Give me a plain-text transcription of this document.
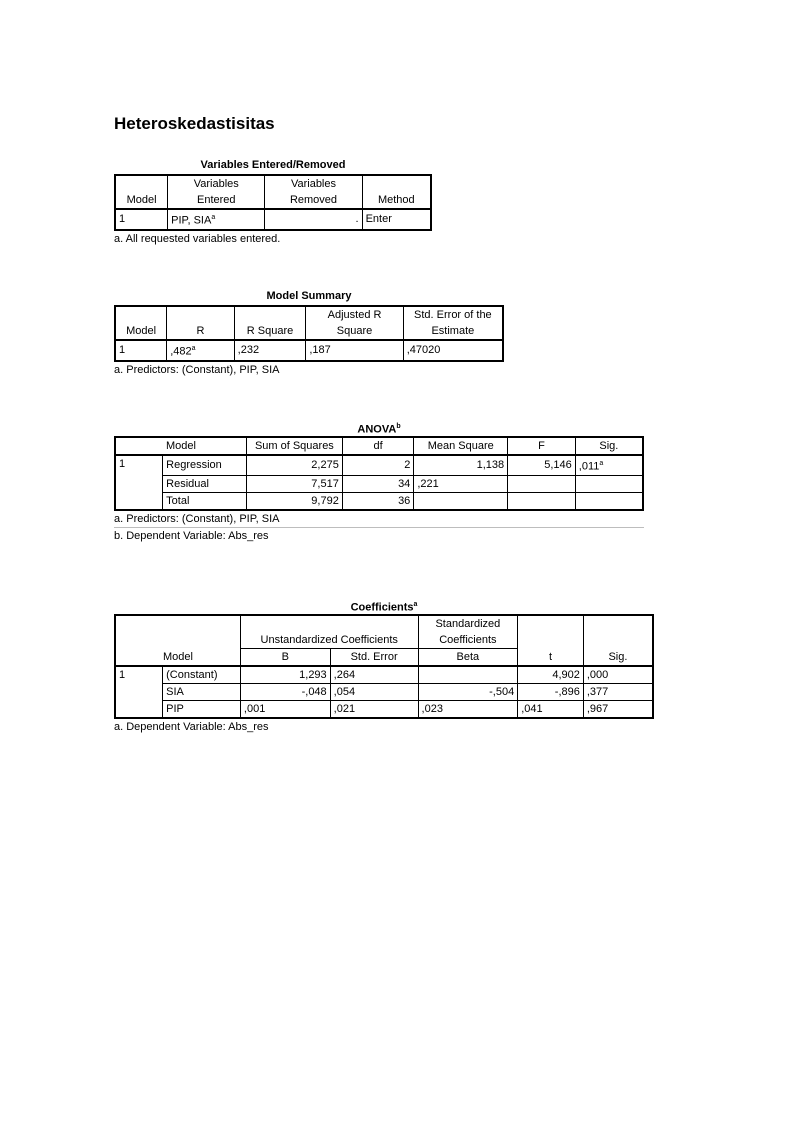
Heteroskedastisitas
Variables Entered/Removed
	Variables	Variables	
Model	Entered	Removed	Method
1	PIP, SIA$^a$	.	Enter
a. All requested variables entered.
Model Summary
			Adjusted R	Std. Error of the
Model	R	R Square	Square	Estimate
1	,482$^a$	,232	,187	,47020
a. Predictors: (Constant), PIP, SIA
ANOVA$^b$
Model		Sum of Squares	df	Mean Square	F	Sig.
1	Regression	2,275	2	1,138	5,146	,011$^a$
	Residual	7,517	34	,221		
	Total	9,792	36			
a. Predictors: (Constant), PIP, SIA
b. Dependent Variable: Abs_res
Coefficients$^a$
				Standardized		
		Unstandardized Coefficients		Coefficients		
Model		B	Std. Error	Beta	t	Sig.
1	(Constant)	1,293	,264		4,902	,000
	SIA	-,048	,054	-,504	-,896	,377
	PIP	,001	,021	,023	,041	,967
a. Dependent Variable: Abs_res
